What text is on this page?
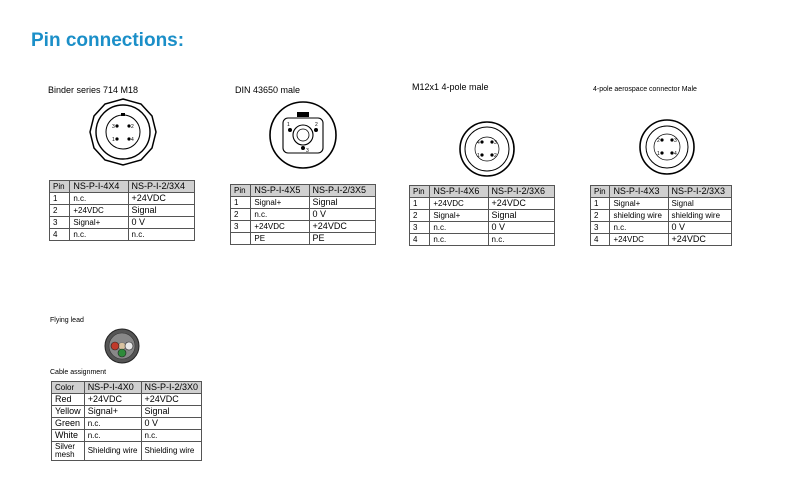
Pin connections:
Binder series 714 M18
3	2
1	4
Pin	NS-P-I-4X4	NS-P-I-2/3X4
1	n.c.	+24VDC
2	+24VDC	Signal
3	Signal+	0 V
4	n.c.	n.c.
DIN 43650 male
1	2
3
Pin	NS-P-I-4X5	NS-P-I-2/3X5
1	Signal+	Signal
2	n.c.	0 V
3	+24VDC	+24VDC
	PE	PE
M12x1 4-pole male
4	3
1	2
Pin	NS-P-I-4X6	NS-P-I-2/3X6
1	+24VDC	+24VDC
2	Signal+	Signal
3	n.c.	0 V
4	n.c.	n.c.
4-pole aerospace connector Male
2	3
1	4
Pin	NS-P-I-4X3	NS-P-I-2/3X3
1	Signal+	Signal
2	shielding wire	shielding wire
3	n.c.	0 V
4	+24VDC	+24VDC
Flying lead
Cable assignment
Color	NS-P-I-4X0	NS-P-I-2/3X0
Red	+24VDC	+24VDC
Yellow	Signal+	Signal
Green	n.c.	0 V
White	n.c.	n.c.
Silver mesh	Shielding wire	Shielding wire
